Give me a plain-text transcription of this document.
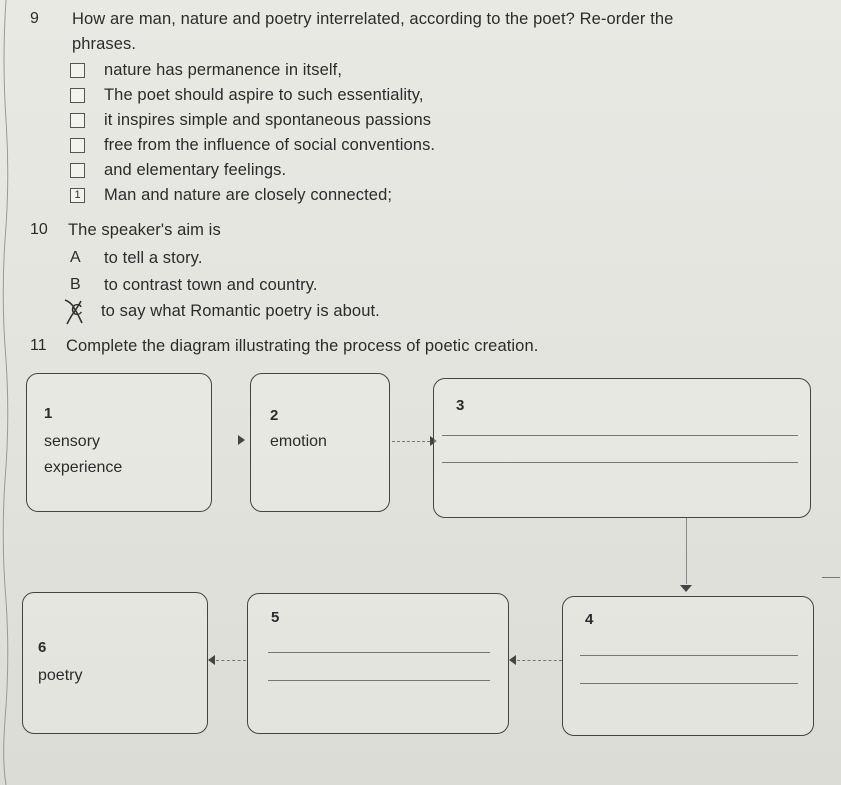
9 How are man, nature and poetry interrelated, according to the poet? Re-order the
phrases.
nature has permanence in itself,
The poet should aspire to such essentiality,
it inspires simple and spontaneous passions
free from the influence of social conventions.
and elementary feelings.
1 Man and nature are closely connected;
10 The speaker's aim is
A to tell a story.
B to contrast town and country.
C to say what Romantic poetry is about.
11 Complete the diagram illustrating the process of poetic creation.
1
sensory
experience
2
emotion
3
6
poetry
5	4
